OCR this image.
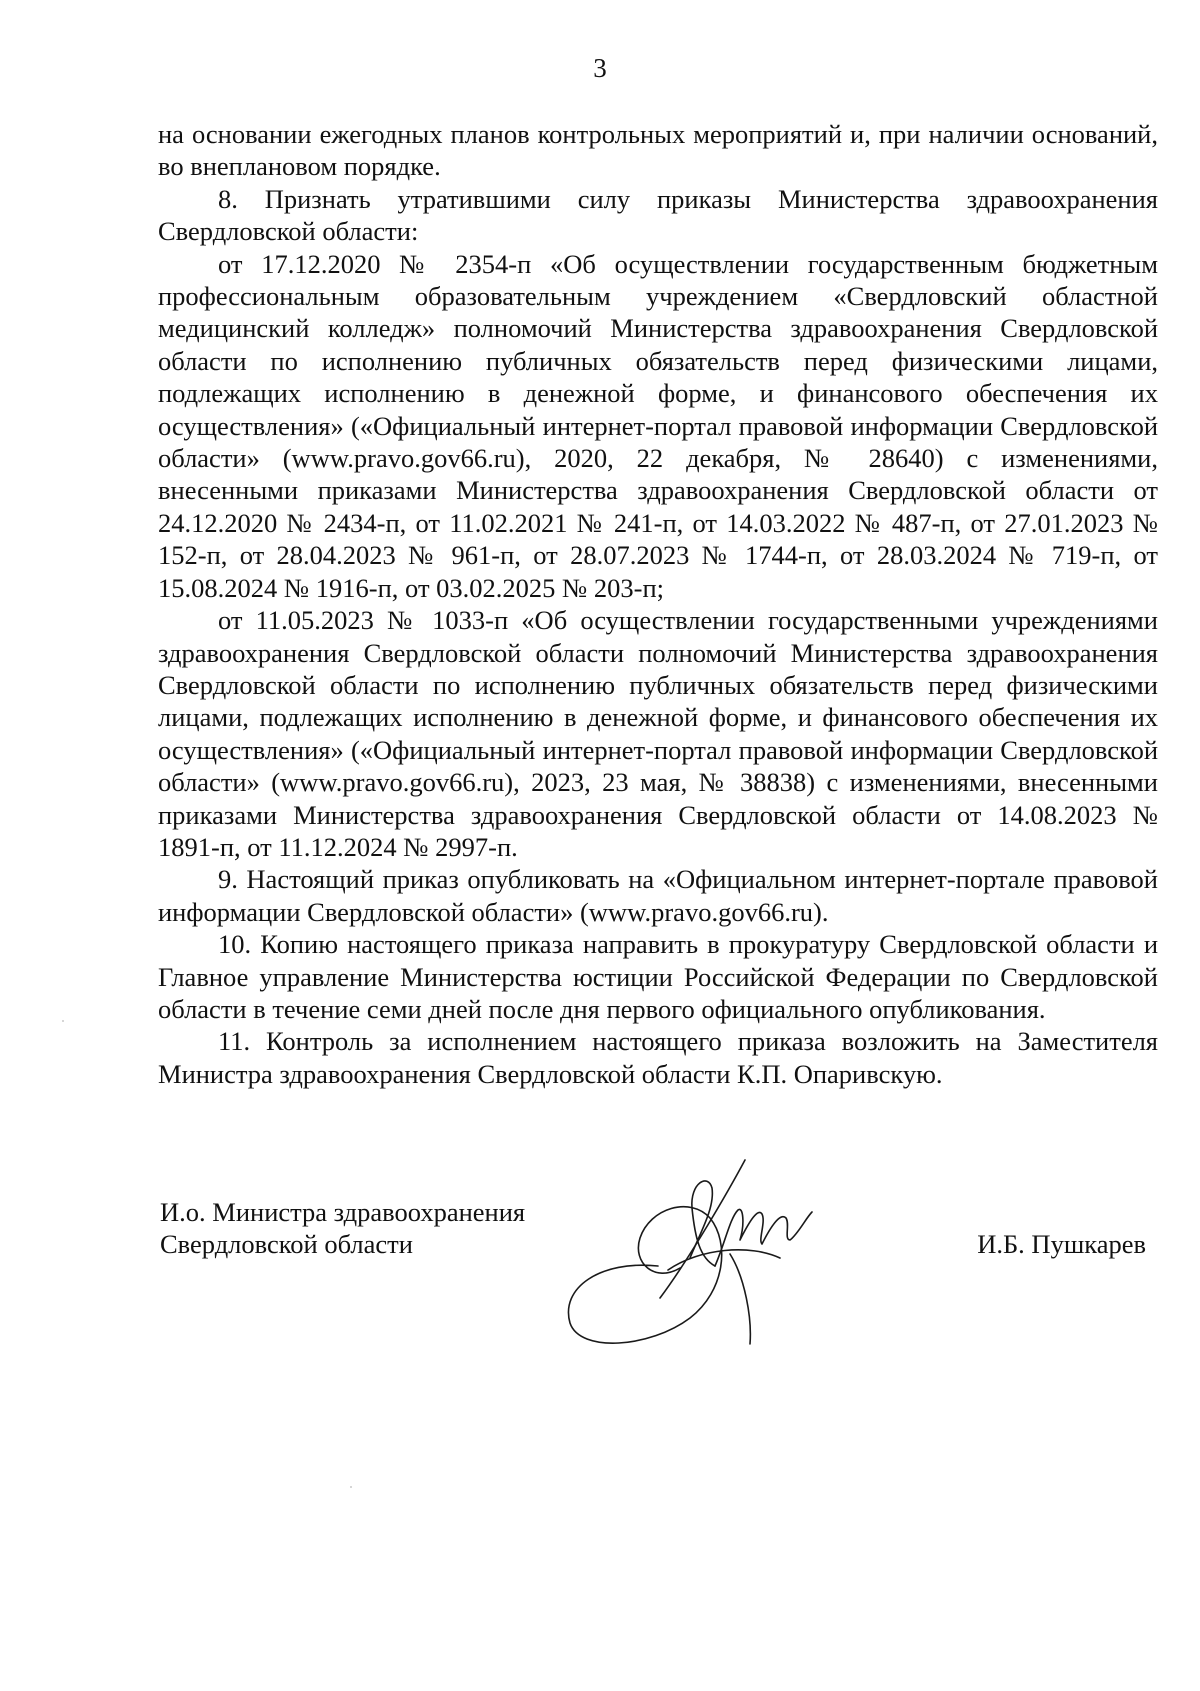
3

на основании ежегодных планов контрольных мероприятий и, при наличии оснований, во внеплановом порядке.

8. Признать утратившими силу приказы Министерства здравоохранения Свердловской области:

от 17.12.2020 № 2354-п «Об осуществлении государственным бюджетным профессиональным образовательным учреждением «Свердловский областной медицинский колледж» полномочий Министерства здравоохранения Свердловской области по исполнению публичных обязательств перед физическими лицами, подлежащих исполнению в денежной форме, и финансового обеспечения их осуществления» («Официальный интернет-портал правовой информации Свердловской области» (www.pravo.gov66.ru), 2020, 22 декабря, № 28640) с изменениями, внесенными приказами Министерства здравоохранения Свердловской области от 24.12.2020 № 2434-п, от 11.02.2021 № 241-п, от 14.03.2022 № 487-п, от 27.01.2023 № 152-п, от 28.04.2023 № 961-п, от 28.07.2023 № 1744-п, от 28.03.2024 № 719-п, от 15.08.2024 № 1916-п, от 03.02.2025 № 203-п;

от 11.05.2023 № 1033-п «Об осуществлении государственными учреждениями здравоохранения Свердловской области полномочий Министерства здравоохранения Свердловской области по исполнению публичных обязательств перед физическими лицами, подлежащих исполнению в денежной форме, и финансового обеспечения их осуществления» («Официальный интернет-портал правовой информации Свердловской области» (www.pravo.gov66.ru), 2023, 23 мая, № 38838) с изменениями, внесенными приказами Министерства здравоохранения Свердловской области от 14.08.2023 № 1891-п, от 11.12.2024 № 2997-п.

9. Настоящий приказ опубликовать на «Официальном интернет-портале правовой информации Свердловской области» (www.pravo.gov66.ru).

10. Копию настоящего приказа направить в прокуратуру Свердловской области и Главное управление Министерства юстиции Российской Федерации по Свердловской области в течение семи дней после дня первого официального опубликования.

11. Контроль за исполнением настоящего приказа возложить на Заместителя Министра здравоохранения Свердловской области К.П. Опаривскую.

И.о. Министра здравоохранения
Свердловской области	И.Б. Пушкарев
